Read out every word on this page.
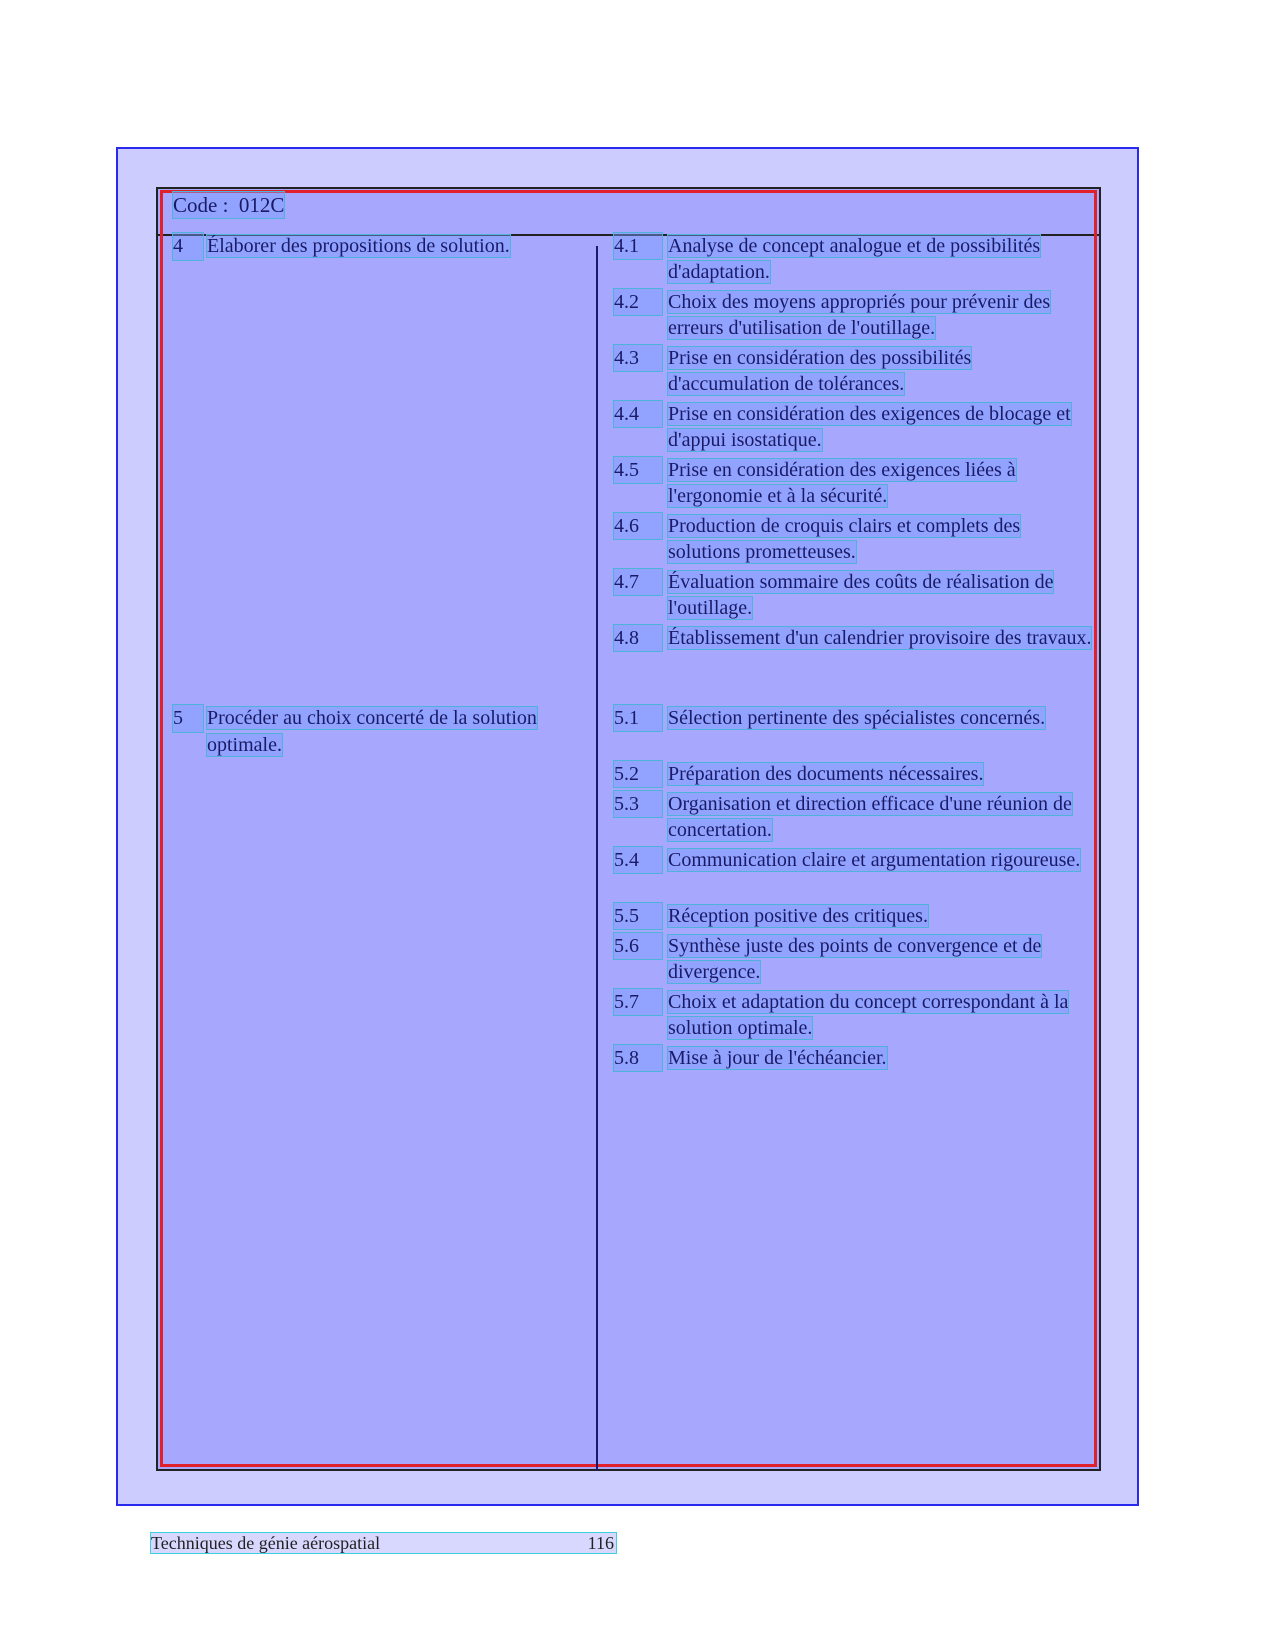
Code :  012C
4	Élaborer des propositions de solution.
5	Procéder au choix concerté de la solution optimale.
4.1	Analyse de concept analogue et de possibilités d'adaptation.
4.2	Choix des moyens appropriés pour prévenir des erreurs d'utilisation de l'outillage.
4.3	Prise en considération des possibilités d'accumulation de tolérances.
4.4	Prise en considération des exigences de blocage et d'appui isostatique.
4.5	Prise en considération des exigences liées à l'ergonomie et à la sécurité.
4.6	Production de croquis clairs et complets des solutions prometteuses.
4.7	Évaluation sommaire des coûts de réalisation de l'outillage.
4.8	Établissement d'un calendrier provisoire des travaux.
5.1	Sélection pertinente des spécialistes concernés.
5.2	Préparation des documents nécessaires.
5.3	Organisation et direction efficace d'une réunion de concertation.
5.4	Communication claire et argumentation rigoureuse.
5.5	Réception positive des critiques.
5.6	Synthèse juste des points de convergence et de divergence.
5.7	Choix et adaptation du concept correspondant à la solution optimale.
5.8	Mise à jour de l'échéancier.
Techniques de génie aérospatial	116
